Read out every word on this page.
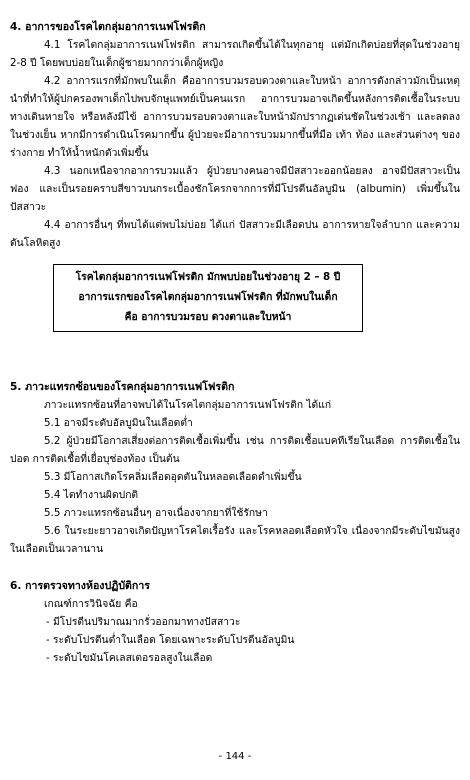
4. อาการของโรคไตกลุ่มอาการเนฟโฟรติก
4.1 โรคไตกลุ่มอาการเนฟโฟรติก สามารถเกิดขึ้นได้ในทุกอายุ แต่มักเกิดบ่อยที่สุดในช่วงอายุ 2-8 ปี โดยพบบ่อยในเด็กผู้ชายมากกว่าเด็กผู้หญิง
4.2 อาการแรกที่มักพบในเด็ก คืออาการบวมรอบดวงตาและใบหน้า อาการดังกล่าวมักเป็นเหตุนำที่ทำให้ผู้ปกครองพาเด็กไปพบจักษุแพทย์เป็นคนแรก อาการบวมอาจเกิดขึ้นหลังการติดเชื้อในระบบทางเดินหายใจ หรือหลังมีไข้ อาการบวมรอบดวงตาและใบหน้ามักปรากฏเด่นชัดในช่วงเช้า และลดลงในช่วงเย็น หากมีการดำเนินโรคมากขึ้น ผู้ป่วยจะมีอาการบวมมากขึ้นที่มือ เท้า ท้อง และส่วนต่างๆ ของร่างกาย ทำให้น้ำหนักตัวเพิ่มขึ้น
4.3 นอกเหนือจากอาการบวมแล้ว ผู้ป่วยบางคนอาจมีปัสสาวะออกน้อยลง อาจมีปัสสาวะเป็นฟอง และเป็นรอยคราบสีขาวบนกระเบื้องชักโครกจากการที่มีโปรตีนอัลบูมิน (albumin) เพิ่มขึ้นในปัสสาวะ
4.4 อาการอื่นๆ ที่พบได้แต่พบไม่บ่อย ได้แก่ ปัสสาวะมีเลือดปน อาการหายใจลำบาก และความดันโลหิตสูง
โรคไตกลุ่มอาการเนฟโฟรติก มักพบบ่อยในช่วงอายุ 2 – 8 ปี
อาการแรกของโรคไตกลุ่มอาการเนฟโฟรติก ที่มักพบในเด็ก
คือ อาการบวมรอบ ดวงตาและใบหน้า
5. ภาวะแทรกซ้อนของโรคกลุ่มอาการเนฟโฟรติก
ภาวะแทรกซ้อนที่อาจพบได้ในโรคไตกลุ่มอาการเนฟโฟรติก ได้แก่
5.1 อาจมีระดับอัลบูมินในเลือดต่ำ
5.2 ผู้ป่วยมีโอกาสเสี่ยงต่อการติดเชื้อเพิ่มขึ้น เช่น การติดเชื้อแบคทีเรียในเลือด การติดเชื้อในปอด การติดเชื้อที่เยื่อบุช่องท้อง เป็นต้น
5.3 มีโอกาสเกิดโรคลิ่มเลือดอุดตันในหลอดเลือดดำเพิ่มขึ้น
5.4 ไตทำงานผิดปกติ
5.5 ภาวะแทรกซ้อนอื่นๆ อาจเนื่องจากยาที่ใช้รักษา
5.6 ในระยะยาวอาจเกิดปัญหาโรคไตเรื้อรัง และโรคหลอดเลือดหัวใจ เนื่องจากมีระดับไขมันสูงในเลือดเป็นเวลานาน
6. การตรวจทางห้องปฏิบัติการ
เกณฑ์การวินิจฉัย คือ
- มีโปรตีนปริมาณมากรั่วออกมาทางปัสสาวะ
- ระดับโปรตีนต่ำในเลือด โดยเฉพาะระดับโปรตีนอัลบูมิน
- ระดับไขมันโคเลสเตอรอลสูงในเลือด
- 144 -
